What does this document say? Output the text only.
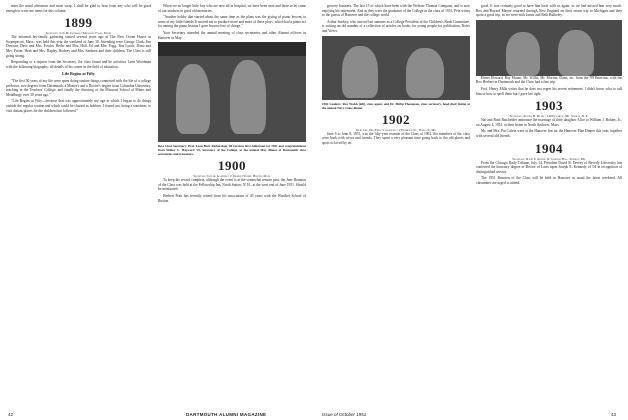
meet the usual afternoon and must wrap. I shall be glad to hear from any who will be good enough to write me items for this column.

1899
Secretary, John M. Clemson / Mechanic Falls, Maine

The informal lay-family gathering started several years ago at The New Ocean House in Swampscott, Mass., was held this year the weekend of June 30. Attending were George Clark, Jim Dowson, Dave and Mrs. Fowler, Herbe and Mrs. Hall, Ed and Mrs. Fogg, Tim Lynch, Dono and Mrs. Porter, Herb and Mrs. Rapley, Rodney and Mrs. Sanborn and their children. The Class is still going strong.

Responding to a request from the Secretary, the class found and he activities Leon Woodman with the following biography: all details of his career in the field of education.

Life Begins at Fifty

"The first 50 years of my life were spent doing routine things connected with the life of a college professor, two degrees from Dartmouth, a Master's and a Doctor's degree from Columbia University, teaching in the Teachers' College, and finally the directing of the Missouri School of Mines and Metallurgy over 30 years ago."

"Life Begins at Fifty—because that was approximately my age at which I began to do things outside the regular routine and which could be classed as hobbies. I feared not, being a wanderer, to visit distant places for the children that followed."

When we no longer little boy who are now all in hospital, we have been seen and these to let come of our teachers in good old memories.

"Another hobby that started about the same time as the plans was the giving of piano lessons to some of my little friends. It moved me to produce more and more of these plays, which had a piano act for among the piano lessons I gave lessons free of charge."

Your Secretary attended the annual meeting of class secretaries and other Alumni officers in Hanover in May.

Best Class Secretary: Prof. Leon Burr Richardson '00 receives first Alderman for 1951 and congratulations from Sidney C. Hayward '22, Secretary of the College, at the annual May dinner of Dartmouth class secretaries and treasurers.
1900
Secretary, John A. Gardner / 2 Tremont Street, Boston, Mass.

To keep the record complete, although the event is at the somewhat remote past, the June Reunion of the Class was held at the Fellowship Inn, North Sutton, N. H., at the west end of June 1951. Should be mentioned.

Herbert Pratt has recently retired from his association of 45 years with the Windsor School of Boston.

grocery business. The last 15 of which have been with the Webster Thomas Company, and is now enjoying his retirement. And as they were the graduates of the College in the class of 1951, Pete writes to the guests of Hanover and the college world.

Arthur Starkey, who arrived last summer as a College President of the Children's Book Committee, is writing an old number of a collection of articles on books for young people for publication, Notes and Views.

1902 Leaders: Ray Walsh (left), class agent, and Dr. Philip Thompson, class secretary, head their listing at the annual Navy-Class dinner.
1902
Secretary, Dr. Philip V. Goddard / 2 Hamilton St., Portland, Me.

June 6 to June 8, 1951, was the fifty-year reunion of the Class of 1902. Six members of the class were back with wives and friends. They spent a very pleasant time going back to the old places and spots so loved by us.

good. It was certainly good to have him back with us again, as we had missed him very much. Rex and Bayard Mayne returned through New England on their return trip to Michigan and they spent a good trip, as we were with Jamie and Beth Bulkeley.

Elmer Howard, Ray Mount, Mr. Willis, Mr. Morton, Dunn, etc. from the '99 Emeritus, with the Rex Herbert in Dartmouth and the Class had a fine trip.

Prof. Henry Mills writes that he does not regret his recent retirement. I didn't know who to call him or how to spell them but I gave her right.

1903
Secretary, Arthur B. Deane / 139 Elm Ave., Mt. Vernon, N. Y.

Nat and Ruth Batchelder announce the marriage of their daughter Alice to William J. Bohaty, Jr., on August 4, 1951, at their home in North Andover, Mass.

Mr. and Mrs. Pat Calvin were at the Hanover Inn for the Hanover Plan Dinner this year, together with several old friends.

1904
Secretary, David S. Austin, II / Cobham Hall, Shenley, Me.

From the Chicago Daily Tribune, July 14, President David R. Dewey of Beverly University has conferred the honorary degree of Doctor of Laws upon Joseph E. Kennedy of '04 in recognition of distinguished service.

The 1951 Reunion of the Class will be held in Hanover as usual the latest weekend. All classmates are urged to attend.

42	DARTMOUTH ALUMNI MAGAZINE	Issue of October 1951	43
